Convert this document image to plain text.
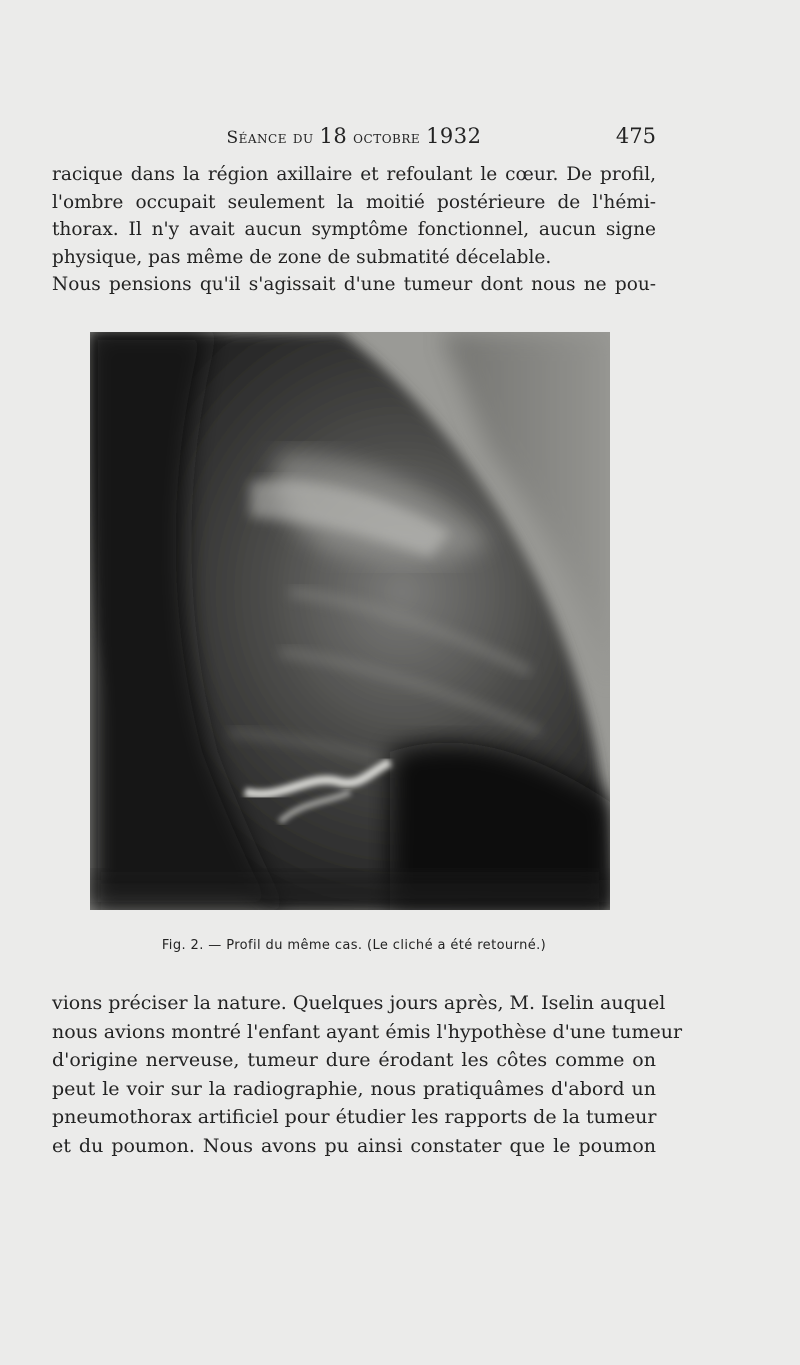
Séance du 18 octobre 1932	475
racique dans la région axillaire et refoulant le cœur. De profil,
l'ombre occupait seulement la moitié postérieure de l'hémi-
thorax. Il n'y avait aucun symptôme fonctionnel, aucun signe
physique, pas même de zone de submatité décelable.
Nous pensions qu'il s'agissait d'une tumeur dont nous ne pou-
Fig. 2. — Profil du même cas. (Le cliché a été retourné.)
vions préciser la nature. Quelques jours après, M. Iselin auquel
nous avions montré l'enfant ayant émis l'hypothèse d'une tumeur
d'origine nerveuse, tumeur dure érodant les côtes comme on
peut le voir sur la radiographie, nous pratiquâmes d'abord un
pneumothorax artificiel pour étudier les rapports de la tumeur
et du poumon. Nous avons pu ainsi constater que le poumon
